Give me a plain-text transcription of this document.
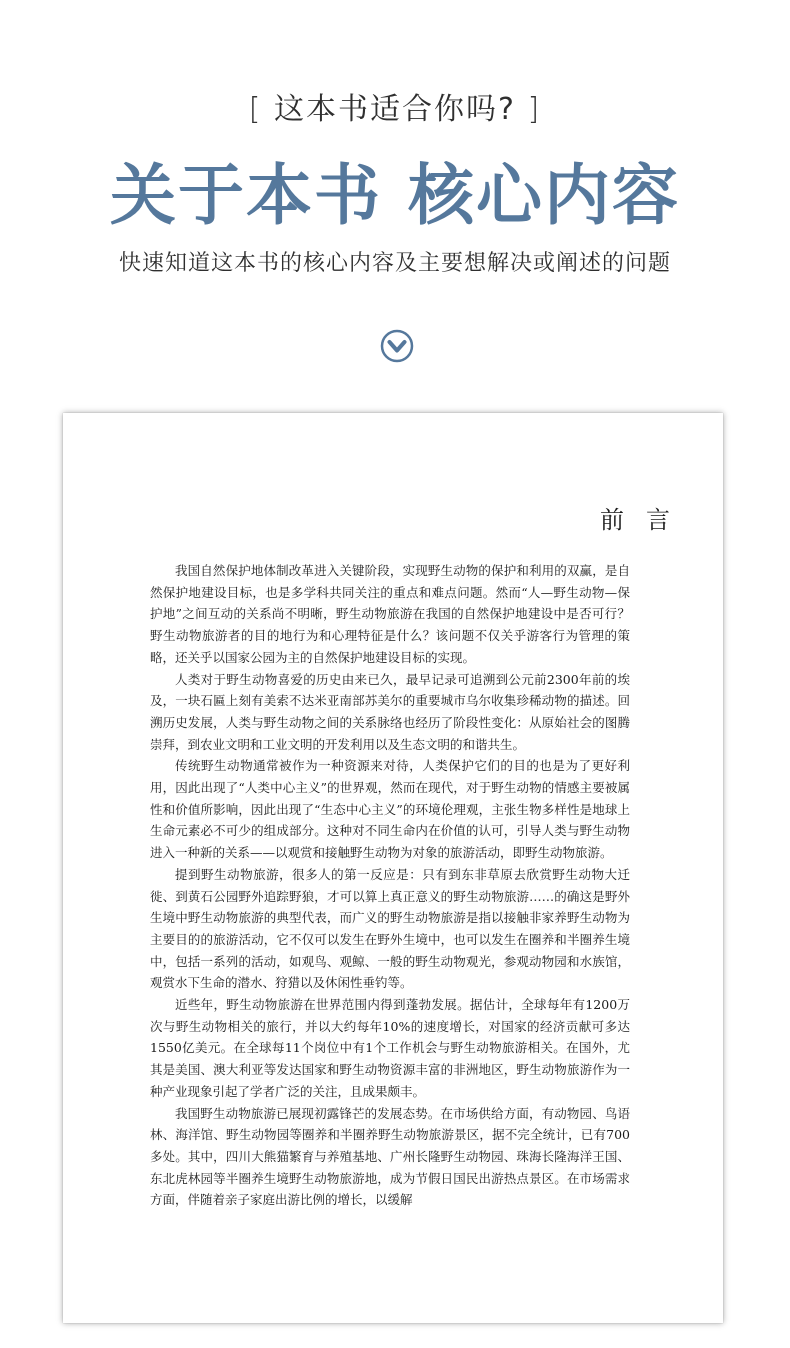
[ 这本书适合你吗? ]
关于本书 核心内容
快速知道这本书的核心内容及主要想解决或阐述的问题
前言

我国自然保护地体制改革进入关键阶段，实现野生动物的保护和利用的双赢，是自然保护地建设目标，也是多学科共同关注的重点和难点问题。然而“人—野生动物—保护地”之间互动的关系尚不明晰，野生动物旅游在我国的自然保护地建设中是否可行？野生动物旅游者的目的地行为和心理特征是什么？该问题不仅关乎游客行为管理的策略，还关乎以国家公园为主的自然保护地建设目标的实现。

人类对于野生动物喜爱的历史由来已久，最早记录可追溯到公元前2300年前的埃及，一块石匾上刻有美索不达米亚南部苏美尔的重要城市乌尔收集珍稀动物的描述。回溯历史发展，人类与野生动物之间的关系脉络也经历了阶段性变化：从原始社会的图腾崇拜，到农业文明和工业文明的开发利用以及生态文明的和谐共生。

传统野生动物通常被作为一种资源来对待，人类保护它们的目的也是为了更好利用，因此出现了“人类中心主义”的世界观，然而在现代，对于野生动物的情感主要被属性和价值所影响，因此出现了“生态中心主义”的环境伦理观，主张生物多样性是地球上生命元素必不可少的组成部分。这种对不同生命内在价值的认可，引导人类与野生动物进入一种新的关系——以观赏和接触野生动物为对象的旅游活动，即野生动物旅游。

提到野生动物旅游，很多人的第一反应是：只有到东非草原去欣赏野生动物大迁徙、到黄石公园野外追踪野狼，才可以算上真正意义的野生动物旅游……的确这是野外生境中野生动物旅游的典型代表，而广义的野生动物旅游是指以接触非家养野生动物为主要目的的旅游活动，它不仅可以发生在野外生境中，也可以发生在圈养和半圈养生境中，包括一系列的活动，如观鸟、观鲸、一般的野生动物观光，参观动物园和水族馆，观赏水下生命的潜水、狩猎以及休闲性垂钓等。

近些年，野生动物旅游在世界范围内得到蓬勃发展。据估计，全球每年有1200万次与野生动物相关的旅行，并以大约每年10%的速度增长，对国家的经济贡献可多达1550亿美元。在全球每11个岗位中有1个工作机会与野生动物旅游相关。在国外，尤其是美国、澳大利亚等发达国家和野生动物资源丰富的非洲地区，野生动物旅游作为一种产业现象引起了学者广泛的关注，且成果颇丰。

我国野生动物旅游已展现初露锋芒的发展态势。在市场供给方面，有动物园、鸟语林、海洋馆、野生动物园等圈养和半圈养野生动物旅游景区，据不完全统计，已有700多处。其中，四川大熊猫繁育与养殖基地、广州长隆野生动物园、珠海长隆海洋王国、东北虎林园等半圈养生境野生动物旅游地，成为节假日国民出游热点景区。在市场需求方面，伴随着亲子家庭出游比例的增长，以缓解
